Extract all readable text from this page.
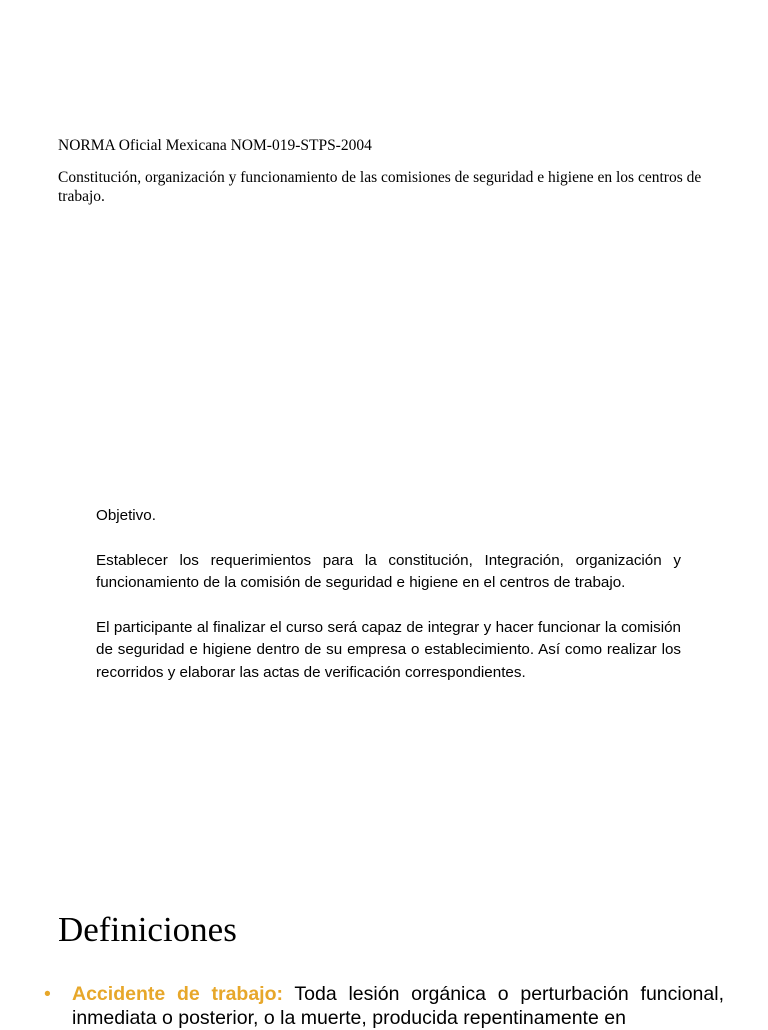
NORMA Oficial Mexicana NOM-019-STPS-2004

Constitución, organización y funcionamiento de las comisiones de seguridad e higiene en los centros de trabajo.

Objetivo.

Establecer los requerimientos para la constitución, Integración, organización y funcionamiento de la comisión de seguridad e higiene en el centros de trabajo.

El participante al finalizar el curso será capaz de integrar y hacer funcionar la comisión de seguridad e higiene dentro de su empresa o establecimiento. Así como realizar los recorridos y elaborar las actas de verificación correspondientes.

Definiciones

• Accidente de trabajo: Toda lesión orgánica o perturbación funcional, inmediata o posterior, o la muerte, producida repentinamente en
